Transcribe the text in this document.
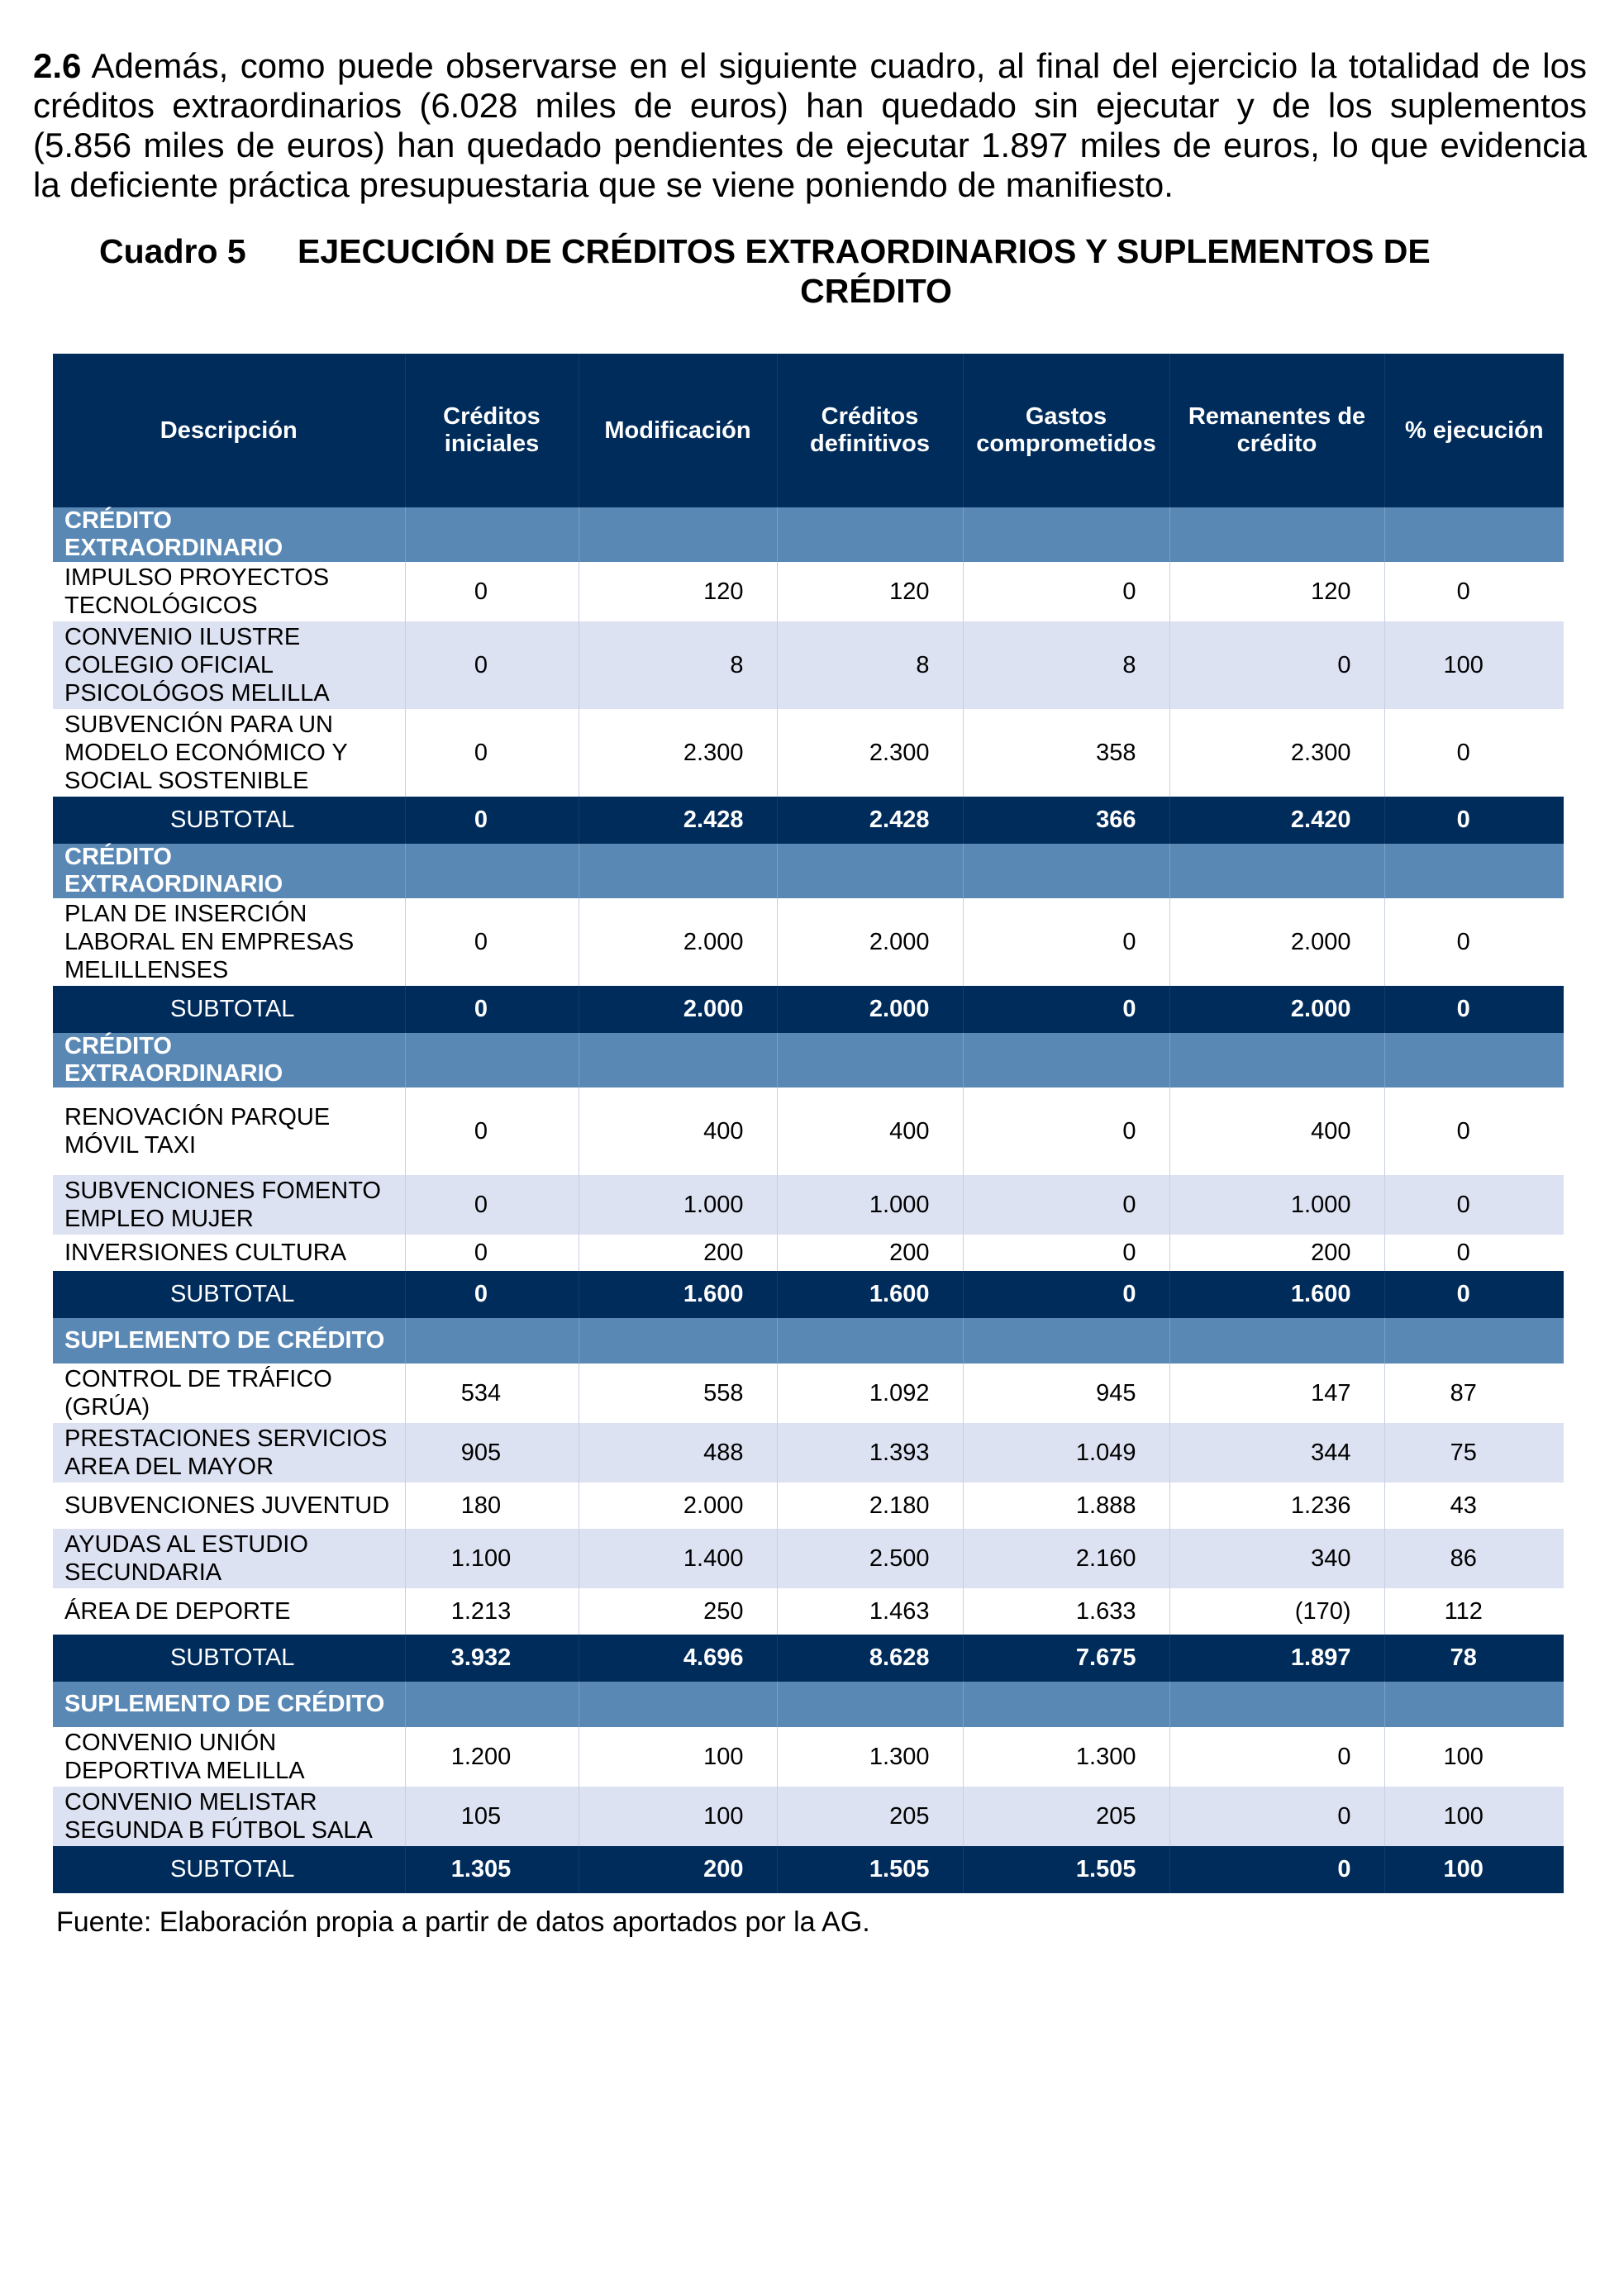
2.6 Además, como puede observarse en el siguiente cuadro, al final del ejercicio la totalidad de los créditos extraordinarios (6.028 miles de euros) han quedado sin ejecutar y de los suplementos (5.856 miles de euros) han quedado pendientes de ejecutar 1.897 miles de euros, lo que evidencia la deficiente práctica presupuestaria que se viene poniendo de manifiesto.

Cuadro 5	EJECUCIÓN DE CRÉDITOS EXTRAORDINARIOS Y SUPLEMENTOS DE
CRÉDITO
Descripción	Créditos iniciales	Modificación	Créditos definitivos	Gastos comprometidos	Remanentes de crédito	% ejecución
CRÉDITO EXTRAORDINARIO						
IMPULSO PROYECTOS TECNOLÓGICOS	0	120	120	0	120	0
CONVENIO ILUSTRE COLEGIO OFICIAL PSICOLÓGOS MELILLA	0	8	8	8	0	100
SUBVENCIÓN PARA UN MODELO ECONÓMICO Y SOCIAL SOSTENIBLE	0	2.300	2.300	358	2.300	0
SUBTOTAL	0	2.428	2.428	366	2.420	0
CRÉDITO EXTRAORDINARIO						
PLAN DE INSERCIÓN LABORAL EN EMPRESAS MELILLENSES	0	2.000	2.000	0	2.000	0
SUBTOTAL	0	2.000	2.000	0	2.000	0
CRÉDITO EXTRAORDINARIO						
RENOVACIÓN PARQUE MÓVIL TAXI	0	400	400	0	400	0
SUBVENCIONES FOMENTO EMPLEO MUJER	0	1.000	1.000	0	1.000	0
INVERSIONES CULTURA	0	200	200	0	200	0
SUBTOTAL	0	1.600	1.600	0	1.600	0
SUPLEMENTO DE CRÉDITO						
CONTROL DE TRÁFICO (GRÚA)	534	558	1.092	945	147	87
PRESTACIONES SERVICIOS AREA DEL MAYOR	905	488	1.393	1.049	344	75
SUBVENCIONES JUVENTUD	180	2.000	2.180	1.888	1.236	43
AYUDAS AL ESTUDIO SECUNDARIA	1.100	1.400	2.500	2.160	340	86
ÁREA DE DEPORTE	1.213	250	1.463	1.633	(170)	112
SUBTOTAL	3.932	4.696	8.628	7.675	1.897	78
SUPLEMENTO DE CRÉDITO						
CONVENIO UNIÓN DEPORTIVA MELILLA	1.200	100	1.300	1.300	0	100
CONVENIO MELISTAR SEGUNDA B FÚTBOL SALA	105	100	205	205	0	100
SUBTOTAL	1.305	200	1.505	1.505	0	100
Fuente: Elaboración propia a partir de datos aportados por la AG.
